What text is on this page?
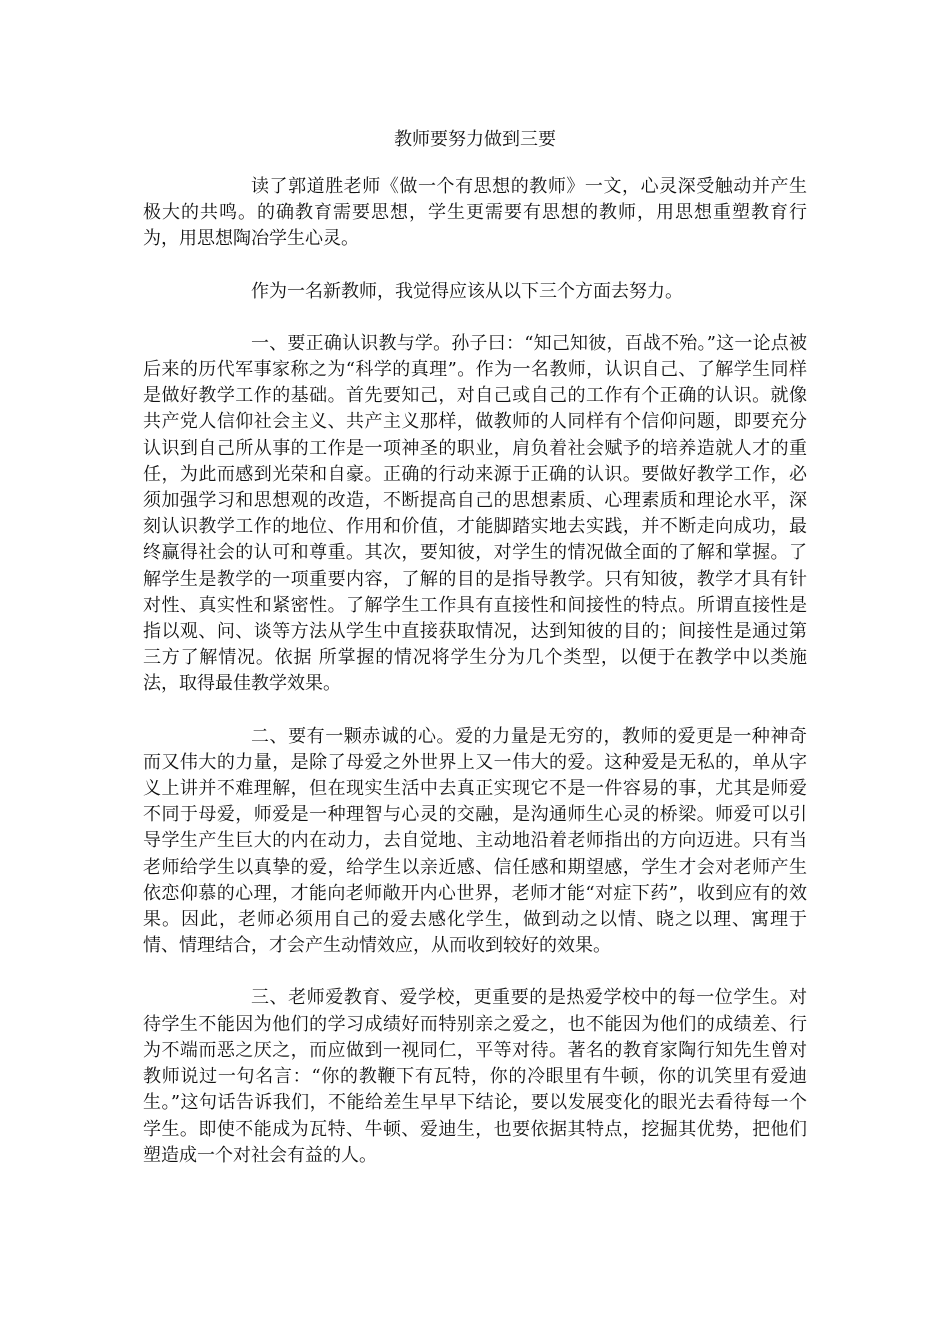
教师要努力做到三要

读了郭道胜老师《做一个有思想的教师》一文，心灵深受触动并产生极大的共鸣。的确教育需要思想，学生更需要有思想的教师，用思想重塑教育行为，用思想陶冶学生心灵。

作为一名新教师，我觉得应该从以下三个方面去努力。

一、要正确认识教与学。孙子曰：“知己知彼，百战不殆。”这一论点被后来的历代军事家称之为“科学的真理”。作为一名教师，认识自己、了解学生同样是做好教学工作的基础。首先要知己，对自己或自己的工作有个正确的认识。就像共产党人信仰社会主义、共产主义那样，做教师的人同样有个信仰问题，即要充分认识到自己所从事的工作是一项神圣的职业，肩负着社会赋予的培养造就人才的重任，为此而感到光荣和自豪。正确的行动来源于正确的认识。要做好教学工作，必须加强学习和思想观的改造，不断提高自己的思想素质、心理素质和理论水平，深刻认识教学工作的地位、作用和价值，才能脚踏实地去实践，并不断走向成功，最终赢得社会的认可和尊重。其次，要知彼，对学生的情况做全面的了解和掌握。了解学生是教学的一项重要内容，了解的目的是指导教学。只有知彼，教学才具有针对性、真实性和紧密性。了解学生工作具有直接性和间接性的特点。所谓直接性是指以观、问、谈等方法从学生中直接获取情况，达到知彼的目的；间接性是通过第三方了解情况。依据 所掌握的情况将学生分为几个类型，以便于在教学中以类施法，取得最佳教学效果。

二、要有一颗赤诚的心。爱的力量是无穷的，教师的爱更是一种神奇而又伟大的力量，是除了母爱之外世界上又一伟大的爱。这种爱是无私的，单从字义上讲并不难理解，但在现实生活中去真正实现它不是一件容易的事，尤其是师爱不同于母爱，师爱是一种理智与心灵的交融，是沟通师生心灵的桥梁。师爱可以引导学生产生巨大的内在动力，去自觉地、主动地沿着老师指出的方向迈进。只有当老师给学生以真挚的爱，给学生以亲近感、信任感和期望感，学生才会对老师产生依恋仰慕的心理，才能向老师敞开内心世界，老师才能“对症下药”，收到应有的效果。因此，老师必须用自己的爱去感化学生，做到动之以情、晓之以理、寓理于情、情理结合，才会产生动情效应，从而收到较好的效果。

三、老师爱教育、爱学校，更重要的是热爱学校中的每一位学生。对待学生不能因为他们的学习成绩好而特别亲之爱之，也不能因为他们的成绩差、行为不端而恶之厌之，而应做到一视同仁，平等对待。著名的教育家陶行知先生曾对教师说过一句名言：“你的教鞭下有瓦特，你的冷眼里有牛顿，你的讥笑里有爱迪生。”这句话告诉我们，不能给差生早早下结论，要以发展变化的眼光去看待每一个学生。即使不能成为瓦特、牛顿、爱迪生，也要依据其特点，挖掘其优势，把他们塑造成一个对社会有益的人。
